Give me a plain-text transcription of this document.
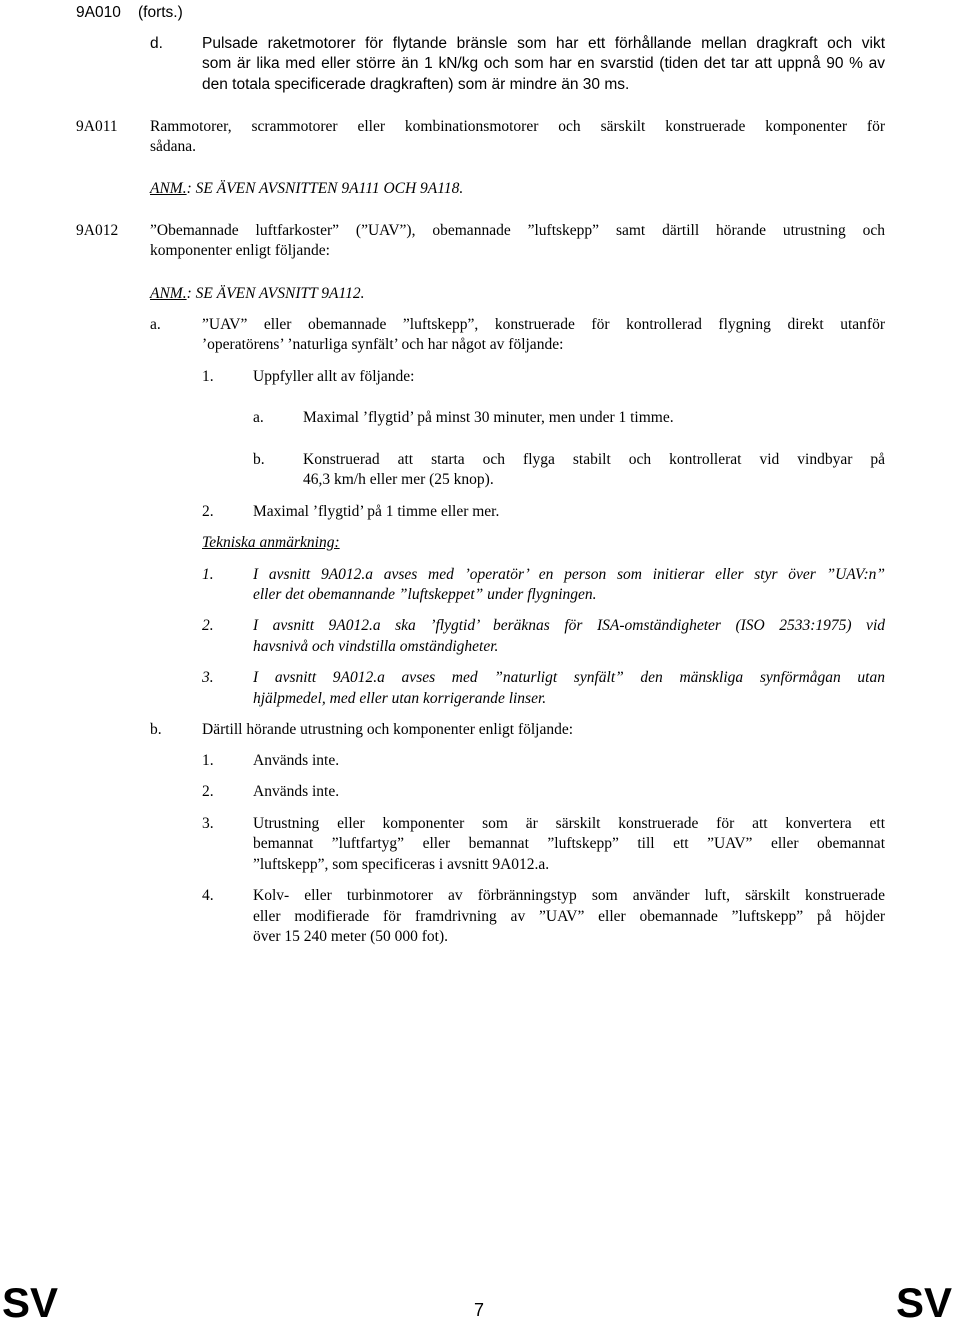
9A010 (forts.)
d.	Pulsade raketmotorer för flytande bränsle som har ett förhållande mellan dragkraft och vikt
som är lika med eller större än 1 kN/kg och som har en svarstid (tiden det tar att uppnå 90 % av
den totala specificerade dragkraften) som är mindre än 30 ms.
9A011 Rammotorer, scrammotorer eller kombinationsmotorer och särskilt konstruerade komponenter för
sådana.
ANM.: SE ÄVEN AVSNITTEN 9A111 OCH 9A118.
9A012 ”Obemannade luftfarkoster” (”UAV”), obemannade ”luftskepp” samt därtill hörande utrustning och
komponenter enligt följande:
ANM.: SE ÄVEN AVSNITT 9A112.
a.	”UAV” eller obemannade ”luftskepp”, konstruerade för kontrollerad flygning direkt utanför
’operatörens’ ’naturliga synfält’ och har något av följande:
1.	Uppfyller allt av följande:
a.	Maximal ’flygtid’ på minst 30 minuter, men under 1 timme.
b. Konstruerad att starta och flyga stabilt och kontrollerat vid vindbyar på
46,3 km/h eller mer (25 knop).
2.	Maximal ’flygtid’ på 1 timme eller mer.
Tekniska anmärkning:
1.	I avsnitt 9A012.a avses med ’operatör’ en person som initierar eller styr över ”UAV:n”
eller det obemannande ”luftskeppet” under flygningen.
2.	I avsnitt 9A012.a ska ’flygtid’ beräknas för ISA-omständigheter (ISO 2533:1975) vid
havsnivå och vindstilla omständigheter.
3.	I avsnitt 9A012.a avses med ”naturligt synfält” den mänskliga synförmågan utan
hjälpmedel, med eller utan korrigerande linser.
b.	Därtill hörande utrustning och komponenter enligt följande:
1.	Används inte.
2.	Används inte.
3.	Utrustning eller komponenter som är särskilt konstruerade för att konvertera ett
bemannat ”luftfartyg” eller bemannat ”luftskepp” till ett ”UAV” eller obemannat
”luftskepp”, som specificeras i avsnitt 9A012.a.
4.	Kolv- eller turbinmotorer av förbränningstyp som använder luft, särskilt konstruerade
eller modifierade för framdrivning av ”UAV” eller obemannade ”luftskepp” på höjder
över 15 240 meter (50 000 fot).
SV	7	SV
